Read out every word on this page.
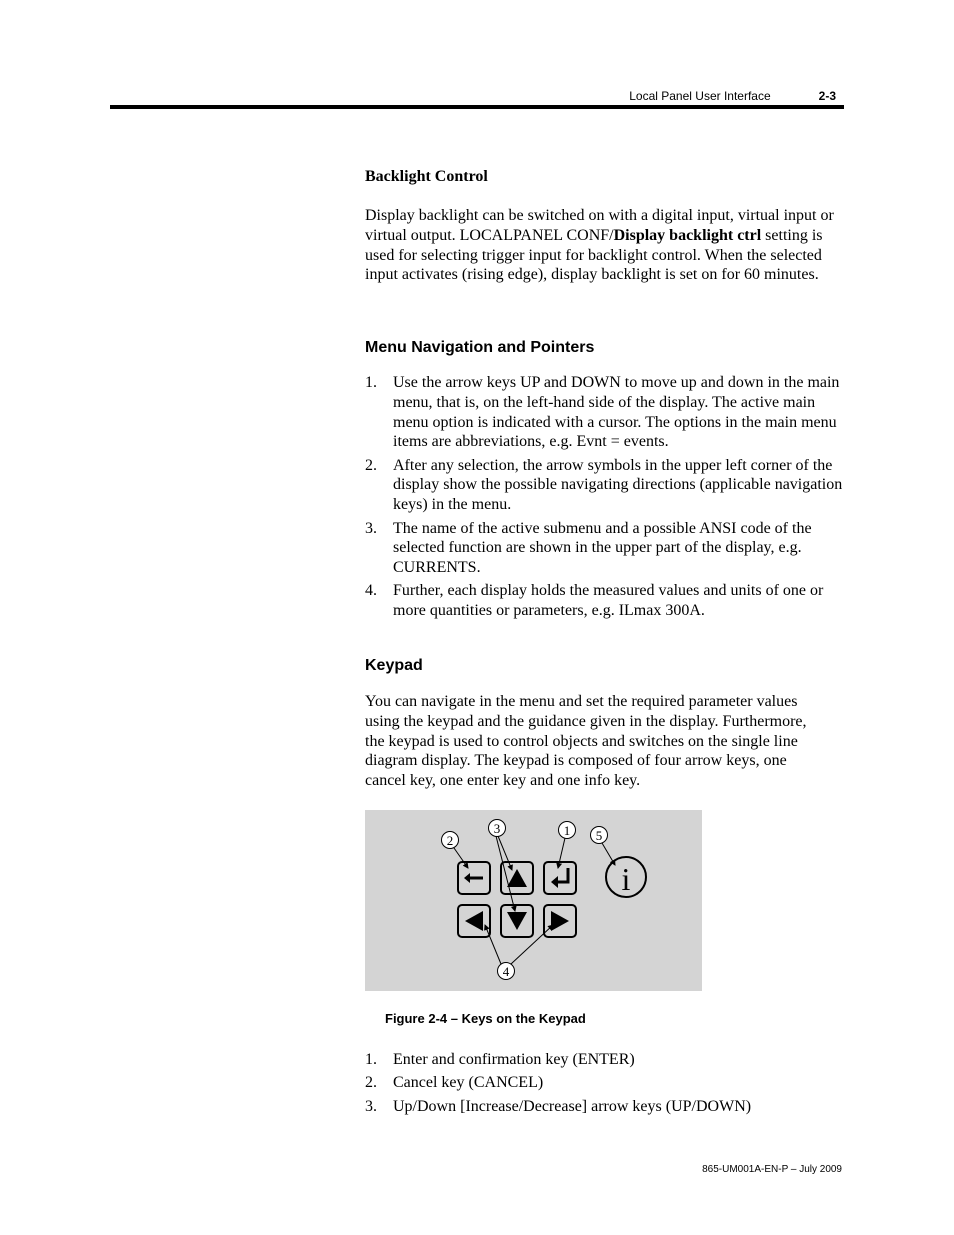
Local Panel User Interface	2-3
Backlight Control

Display backlight can be switched on with a digital input, virtual input or virtual output. LOCALPANEL CONF/Display backlight ctrl setting is used for selecting trigger input for backlight control. When the selected input activates (rising edge), display backlight is set on for 60 minutes.

Menu Navigation and Pointers
1. Use the arrow keys UP and DOWN to move up and down in the main menu, that is, on the left-hand side of the display. The active main menu option is indicated with a cursor. The options in the main menu items are abbreviations, e.g. Evnt = events.
2. After any selection, the arrow symbols in the upper left corner of the display show the possible navigating directions (applicable navigation keys) in the menu.
3. The name of the active submenu and a possible ANSI code of the selected function are shown in the upper part of the display, e.g. CURRENTS.
4. Further, each display holds the measured values and units of one or more quantities or parameters, e.g. ILmax 300A.
Keypad
You can navigate in the menu and set the required parameter values using the keypad and the guidance given in the display. Furthermore, the keypad is used to control objects and switches on the single line diagram display. The keypad is composed of four arrow keys, one cancel key, one enter key and one info key.
i
2
3	1 5
4
Figure 2-4 – Keys on the Keypad
1. Enter and confirmation key (ENTER)
2. Cancel key (CANCEL)
3. Up/Down [Increase/Decrease] arrow keys (UP/DOWN)
865-UM001A-EN-P – July 2009
